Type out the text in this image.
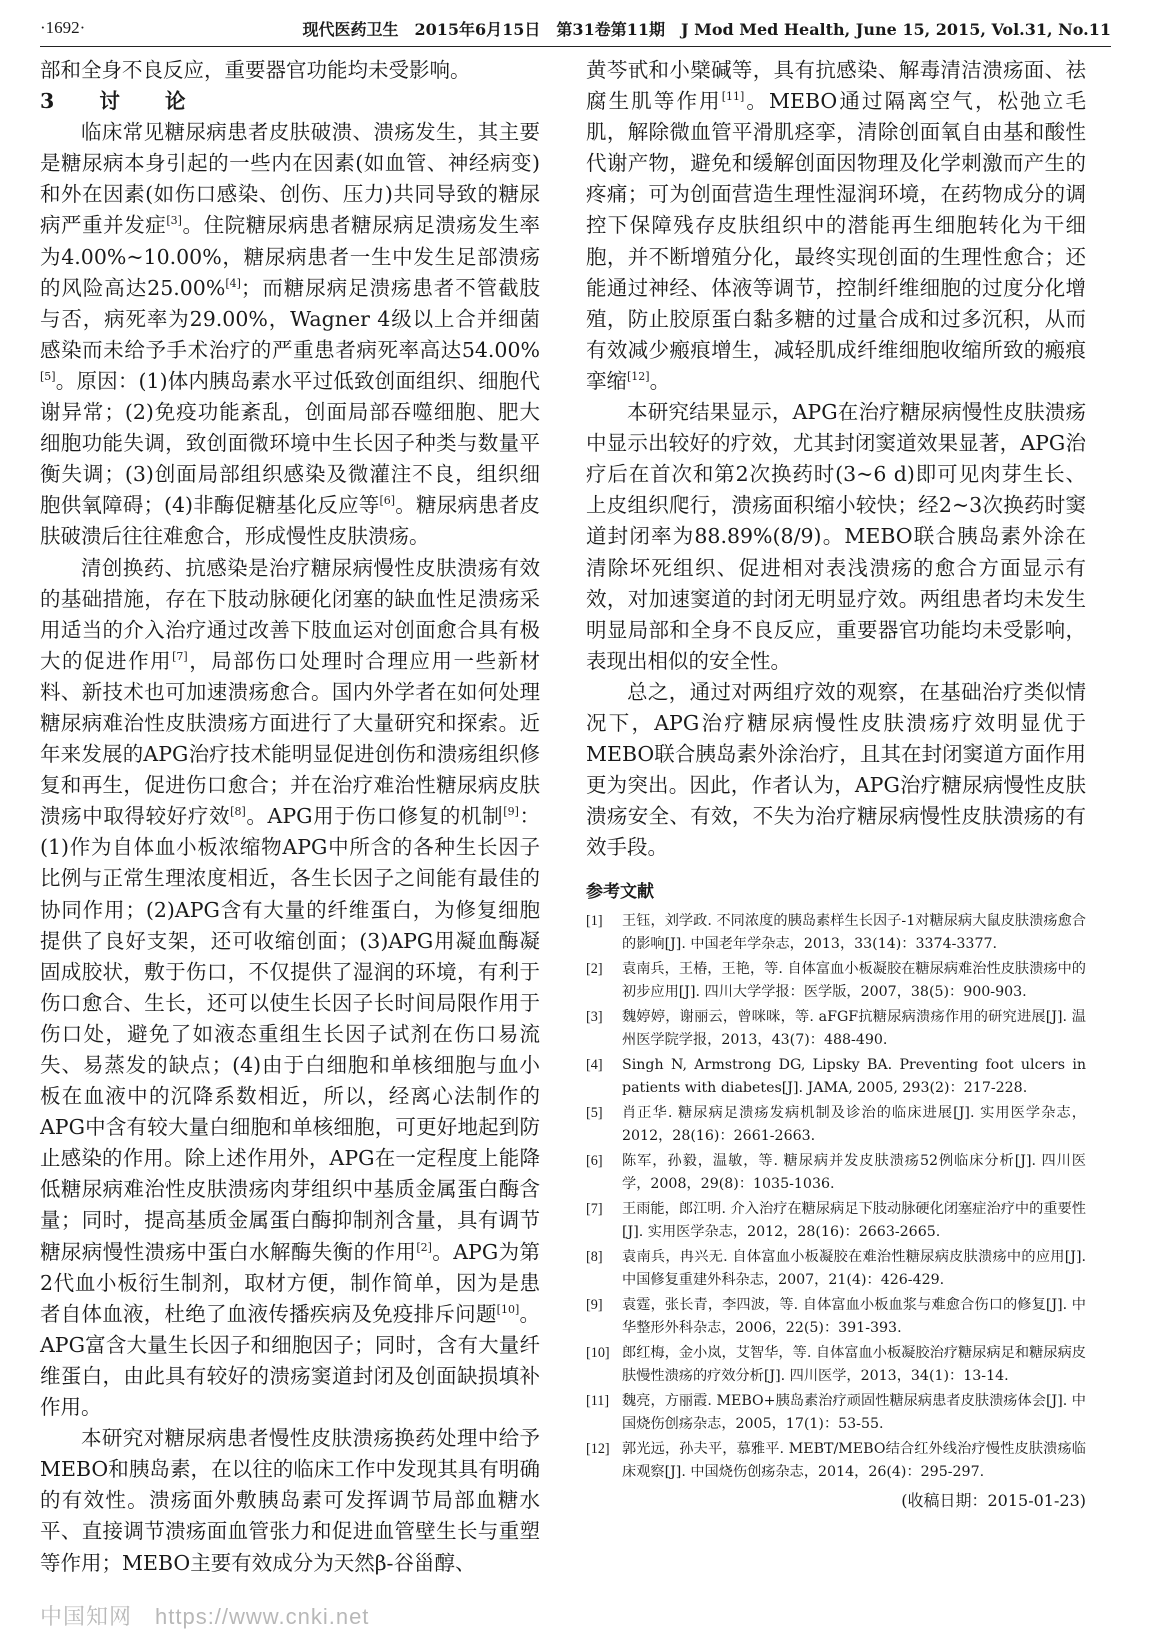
·1692·	现代医药卫生　2015年6月15日　第31卷第11期　J Mod Med Health, June 15, 2015, Vol.31, No.11

部和全身不良反应，重要器官功能均未受影响。

3　讨　论

临床常见糖尿病患者皮肤破溃、溃疡发生，其主要是糖尿病本身引起的一些内在因素(如血管、神经病变)和外在因素(如伤口感染、创伤、压力)共同导致的糖尿病严重并发症[3]。住院糖尿病患者糖尿病足溃疡发生率为4.00%~10.00%，糖尿病患者一生中发生足部溃疡的风险高达25.00%[4]；而糖尿病足溃疡患者不管截肢与否，病死率为29.00%，Wagner 4级以上合并细菌感染而未给予手术治疗的严重患者病死率高达54.00%[5]。原因：(1)体内胰岛素水平过低致创面组织、细胞代谢异常；(2)免疫功能紊乱，创面局部吞噬细胞、肥大细胞功能失调，致创面微环境中生长因子种类与数量平衡失调；(3)创面局部组织感染及微灌注不良，组织细胞供氧障碍；(4)非酶促糖基化反应等[6]。糖尿病患者皮肤破溃后往往难愈合，形成慢性皮肤溃疡。

清创换药、抗感染是治疗糖尿病慢性皮肤溃疡有效的基础措施，存在下肢动脉硬化闭塞的缺血性足溃疡采用适当的介入治疗通过改善下肢血运对创面愈合具有极大的促进作用[7]，局部伤口处理时合理应用一些新材料、新技术也可加速溃疡愈合。国内外学者在如何处理糖尿病难治性皮肤溃疡方面进行了大量研究和探索。近年来发展的APG治疗技术能明显促进创伤和溃疡组织修复和再生，促进伤口愈合；并在治疗难治性糖尿病皮肤溃疡中取得较好疗效[8]。APG用于伤口修复的机制[9]：(1)作为自体血小板浓缩物APG中所含的各种生长因子比例与正常生理浓度相近，各生长因子之间能有最佳的协同作用；(2)APG含有大量的纤维蛋白，为修复细胞提供了良好支架，还可收缩创面；(3)APG用凝血酶凝固成胶状，敷于伤口，不仅提供了湿润的环境，有利于伤口愈合、生长，还可以使生长因子长时间局限作用于伤口处，避免了如液态重组生长因子试剂在伤口易流失、易蒸发的缺点；(4)由于白细胞和单核细胞与血小板在血液中的沉降系数相近，所以，经离心法制作的APG中含有较大量白细胞和单核细胞，可更好地起到防止感染的作用。除上述作用外，APG在一定程度上能降低糖尿病难治性皮肤溃疡肉芽组织中基质金属蛋白酶含量；同时，提高基质金属蛋白酶抑制剂含量，具有调节糖尿病慢性溃疡中蛋白水解酶失衡的作用[2]。APG为第2代血小板衍生制剂，取材方便，制作简单，因为是患者自体血液，杜绝了血液传播疾病及免疫排斥问题[10]。APG富含大量生长因子和细胞因子；同时，含有大量纤维蛋白，由此具有较好的溃疡窦道封闭及创面缺损填补作用。

本研究对糖尿病患者慢性皮肤溃疡换药处理中给予MEBO和胰岛素，在以往的临床工作中发现其具有明确的有效性。溃疡面外敷胰岛素可发挥调节局部血糖水平、直接调节溃疡面血管张力和促进血管壁生长与重塑等作用；MEBO主要有效成分为天然β-谷甾醇、

黄芩甙和小檗碱等，具有抗感染、解毒清洁溃疡面、祛腐生肌等作用[11]。MEBO通过隔离空气，松弛立毛肌，解除微血管平滑肌痉挛，清除创面氧自由基和酸性代谢产物，避免和缓解创面因物理及化学刺激而产生的疼痛；可为创面营造生理性湿润环境，在药物成分的调控下保障残存皮肤组织中的潜能再生细胞转化为干细胞，并不断增殖分化，最终实现创面的生理性愈合；还能通过神经、体液等调节，控制纤维细胞的过度分化增殖，防止胶原蛋白黏多糖的过量合成和过多沉积，从而有效减少瘢痕增生，减轻肌成纤维细胞收缩所致的瘢痕挛缩[12]。

本研究结果显示，APG在治疗糖尿病慢性皮肤溃疡中显示出较好的疗效，尤其封闭窦道效果显著，APG治疗后在首次和第2次换药时(3~6 d)即可见肉芽生长、上皮组织爬行，溃疡面积缩小较快；经2~3次换药时窦道封闭率为88.89%(8/9)。MEBO联合胰岛素外涂在清除坏死组织、促进相对表浅溃疡的愈合方面显示有效，对加速窦道的封闭无明显疗效。两组患者均未发生明显局部和全身不良反应，重要器官功能均未受影响，表现出相似的安全性。

总之，通过对两组疗效的观察，在基础治疗类似情况下，APG治疗糖尿病慢性皮肤溃疡疗效明显优于MEBO联合胰岛素外涂治疗，且其在封闭窦道方面作用更为突出。因此，作者认为，APG治疗糖尿病慢性皮肤溃疡安全、有效，不失为治疗糖尿病慢性皮肤溃疡的有效手段。

参考文献
[1]	王钰，刘学政. 不同浓度的胰岛素样生长因子-1对糖尿病大鼠皮肤溃疡愈合的影响[J]. 中国老年学杂志，2013，33(14)：3374-3377.
[2]	袁南兵，王椿，王艳，等. 自体富血小板凝胶在糖尿病难治性皮肤溃疡中的初步应用[J]. 四川大学学报：医学版，2007，38(5)：900-903.
[3]	魏婷婷，谢丽云，曾咪咪，等. aFGF抗糖尿病溃疡作用的研究进展[J]. 温州医学院学报，2013，43(7)：488-490.
[4]	Singh N, Armstrong DG, Lipsky BA. Preventing foot ulcers in patients with diabetes[J]. JAMA, 2005, 293(2)：217-228.
[5]	肖正华. 糖尿病足溃疡发病机制及诊治的临床进展[J]. 实用医学杂志，2012，28(16)：2661-2663.
[6]	陈军，孙毅，温敏，等. 糖尿病并发皮肤溃疡52例临床分析[J]. 四川医学，2008，29(8)：1035-1036.
[7]	王雨能，郎江明. 介入治疗在糖尿病足下肢动脉硬化闭塞症治疗中的重要性[J]. 实用医学杂志，2012，28(16)：2663-2665.
[8]	袁南兵，冉兴无. 自体富血小板凝胶在难治性糖尿病皮肤溃疡中的应用[J]. 中国修复重建外科杂志，2007，21(4)：426-429.
[9]	袁霆，张长青，李四波，等. 自体富血小板血浆与难愈合伤口的修复[J]. 中华整形外科杂志，2006，22(5)：391-393.
[10] 郎红梅，金小岚，艾智华，等. 自体富血小板凝胶治疗糖尿病足和糖尿病皮肤慢性溃疡的疗效分析[J]. 四川医学，2013，34(1)：13-14.
[11] 魏亮，方丽霞. MEBO+胰岛素治疗顽固性糖尿病患者皮肤溃疡体会[J]. 中国烧伤创疡杂志，2005，17(1)：53-55.
[12] 郭光远，孙夫平，慕雅平. MEBT/MEBO结合红外线治疗慢性皮肤溃疡临床观察[J]. 中国烧伤创疡杂志，2014，26(4)：295-297.
(收稿日期：2015-01-23)
中国知网　https://www.cnki.net
